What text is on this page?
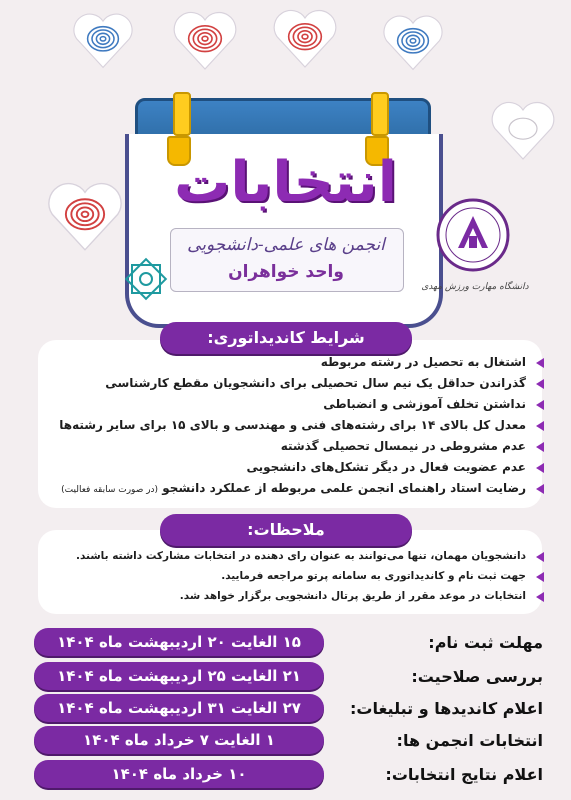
انتخابات
انجمن های علمی-دانشجویی
واحد خواهران
دانشگاه مهارت ورزش مهدی
شرایط کاندیداتوری:
اشتغال به تحصیل در رشته مربوطه
گذراندن حداقل یک نیم سال تحصیلی برای دانشجویان مقطع کارشناسی
نداشتن تخلف آموزشی و انضباطی
معدل کل بالای ۱۴ برای رشته‌های فنی و مهندسی و بالای ۱۵ برای سایر رشته‌ها
عدم مشروطی در نیمسال تحصیلی گذشته
عدم عضویت فعال در دیگر تشکل‌های دانشجویی
رضایت استاد راهنمای انجمن علمی مربوطه از عملکرد دانشجو (در صورت سابقه فعالیت)
ملاحظات:
دانشجویان مهمان، تنها می‌توانند به عنوان رای دهنده در انتخابات مشارکت داشته باشند.
جهت ثبت نام و کاندیداتوری به سامانه پرتو مراجعه فرمایید.
انتخابات در موعد مقرر از طریق پرتال دانشجویی برگزار خواهد شد.
مهلت ثبت نام:
۱۵ الغایت ۲۰ اردیبهشت ماه ۱۴۰۴
بررسی صلاحیت:
۲۱ الغایت ۲۵ اردیبهشت ماه ۱۴۰۴
اعلام کاندیدها و تبلیغات:
۲۷ الغایت ۳۱ اردیبهشت ماه ۱۴۰۴
انتخابات انجمن ها:
۱ الغایت ۷ خرداد ماه ۱۴۰۴
اعلام نتایج انتخابات:
۱۰ خرداد ماه ۱۴۰۴
